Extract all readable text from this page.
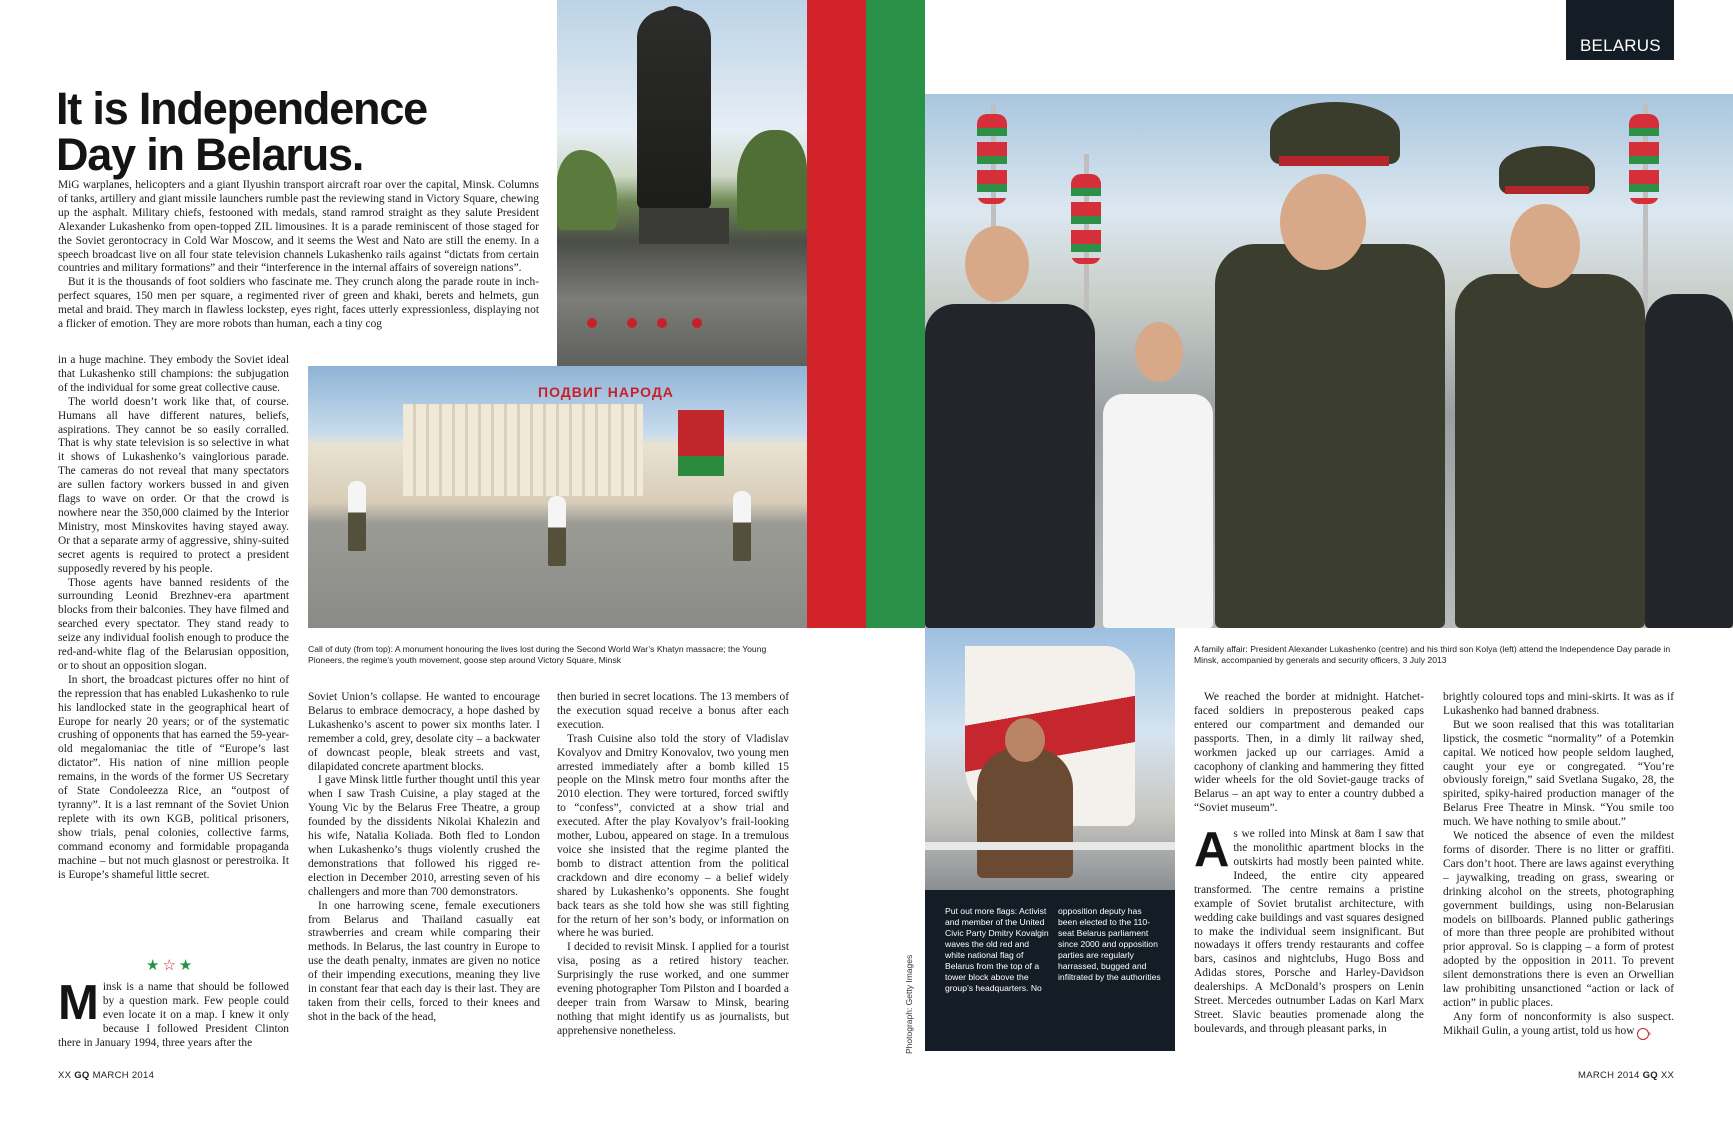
ПОДВИГ НАРОДА
Put out more flags: Activist and member of the United Civic Party Dmitry Kovalgin waves the old red and white national flag of Belarus from the top of a tower block above the group’s headquarters. No
opposition deputy has been elected to the 110-seat Belarus parliament since 2000 and opposition parties are regularly harrassed, bugged and infiltrated by the authorities
Photograph: Getty Images
BELARUS
It is Independence
Day in Belarus.

MiG warplanes, helicopters and a giant Ilyushin transport aircraft roar over the capital, Minsk. Columns of tanks, artillery and giant missile launchers rumble past the reviewing stand in Victory Square, chewing up the asphalt. Military chiefs, festooned with medals, stand ramrod straight as they salute President Alexander Lukashenko from open-topped ZIL limousines. It is a parade reminiscent of those staged for the Soviet gerontocracy in Cold War Moscow, and it seems the West and Nato are still the enemy. In a speech broadcast live on all four state television channels Lukashenko rails against “dictats from certain countries and military formations” and their “interference in the internal affairs of sovereign nations”.

But it is the thousands of foot soldiers who fascinate me. They crunch along the parade route in inch-perfect squares, 150 men per square, a regimented river of green and khaki, berets and helmets, gun metal and braid. They march in flawless lockstep, eyes right, faces utterly expressionless, displaying not a flicker of emotion. They are more robots than human, each a tiny cog

in a huge machine. They embody the Soviet ideal that Lukashenko still champions: the subjugation of the individual for some great collective cause.

The world doesn’t work like that, of course. Humans all have different natures, beliefs, aspirations. They cannot be so easily corralled. That is why state television is so selective in what it shows of Lukashenko’s vainglorious parade. The cameras do not reveal that many spectators are sullen factory workers bussed in and given flags to wave on order. Or that the crowd is nowhere near the 350,000 claimed by the Interior Ministry, most Minskovites having stayed away. Or that a separate army of aggressive, shiny-suited secret agents is required to protect a president supposedly revered by his people.

Those agents have banned residents of the surrounding Leonid Brezhnev-era apartment blocks from their balconies. They have filmed and searched every spectator. They stand ready to seize any individual foolish enough to produce the red-and-white flag of the Belarusian opposition, or to shout an opposition slogan.

In short, the broadcast pictures offer no hint of the repression that has enabled Lukashenko to rule his landlocked state in the geographical heart of Europe for nearly 20 years; or of the systematic crushing of opponents that has earned the 59-year-old megalomaniac the title of “Europe’s last dictator”. His nation of nine million people remains, in the words of the former US Secretary of State Condoleezza Rice, an “outpost of tyranny”. It is a last remnant of the Soviet Union replete with its own KGB, political prisoners, show trials, penal colonies, collective farms, command economy and formidable propaganda machine – but not much glasnost or perestroika. It is Europe’s shameful little secret.

★☆★

Minsk is a name that should be followed by a question mark. Few people could even locate it on a map. I knew it only because I followed President Clinton there in January 1994, three years after the

Call of duty (from top): A monument honouring the lives lost during the Second World War’s Khatyn massacre; the Young Pioneers, the regime’s youth movement, goose step around Victory Square, Minsk

Soviet Union’s collapse. He wanted to encourage Belarus to embrace democracy, a hope dashed by Lukashenko’s ascent to power six months later. I remember a cold, grey, desolate city – a backwater of downcast people, bleak streets and vast, dilapidated concrete apartment blocks.

I gave Minsk little further thought until this year when I saw Trash Cuisine, a play staged at the Young Vic by the Belarus Free Theatre, a group founded by the dissidents Nikolai Khalezin and his wife, Natalia Koliada. Both fled to London when Lukashenko’s thugs violently crushed the demonstrations that followed his rigged re-election in December 2010, arresting seven of his challengers and more than 700 demonstrators.

In one harrowing scene, female executioners from Belarus and Thailand casually eat strawberries and cream while comparing their methods. In Belarus, the last country in Europe to use the death penalty, inmates are given no notice of their impending executions, meaning they live in constant fear that each day is their last. They are taken from their cells, forced to their knees and shot in the back of the head,

then buried in secret locations. The 13 members of the execution squad receive a bonus after each execution.

Trash Cuisine also told the story of Vladislav Kovalyov and Dmitry Konovalov, two young men arrested immediately after a bomb killed 15 people on the Minsk metro four months after the 2010 election. They were tortured, forced swiftly to “confess”, convicted at a show trial and executed. After the play Kovalyov’s frail-looking mother, Lubou, appeared on stage. In a tremulous voice she insisted that the regime planted the bomb to distract attention from the political crackdown and dire economy – a belief widely shared by Lukashenko’s opponents. She fought back tears as she told how she was still fighting for the return of her son’s body, or information on where he was buried.

I decided to revisit Minsk. I applied for a tourist visa, posing as a retired history teacher. Surprisingly the ruse worked, and one summer evening photographer Tom Pilston and I boarded a deeper train from Warsaw to Minsk, bearing nothing that might identify us as journalists, but apprehensive nonetheless.

A family affair: President Alexander Lukashenko (centre) and his third son Kolya (left) attend the Independence Day parade in Minsk, accompanied by generals and security officers, 3 July 2013

We reached the border at midnight. Hatchet-faced soldiers in preposterous peaked caps entered our compartment and demanded our passports. Then, in a dimly lit railway shed, workmen jacked up our carriages. Amid a cacophony of clanking and hammering they fitted wider wheels for the old Soviet-gauge tracks of Belarus – an apt way to enter a country dubbed a “Soviet museum”.

As we rolled into Minsk at 8am I saw that the monolithic apartment blocks in the outskirts had mostly been painted white. Indeed, the entire city appeared transformed. The centre remains a pristine example of Soviet brutalist architecture, with wedding cake buildings and vast squares designed to make the individual seem insignificant. But nowadays it offers trendy restaurants and coffee bars, casinos and nightclubs, Hugo Boss and Adidas stores, Porsche and Harley-Davidson dealerships. A McDonald’s prospers on Lenin Street. Mercedes outnumber Ladas on Karl Marx Street. Slavic beauties promenade along the boulevards, and through pleasant parks, in

brightly coloured tops and mini-skirts. It was as if Lukashenko had banned drabness.

But we soon realised that this was totalitarian lipstick, the cosmetic “normality” of a Potemkin capital. We noticed how people seldom laughed, caught your eye or congregated. “You’re obviously foreign,” said Svetlana Sugako, 28, the spirited, spiky-haired production manager of the Belarus Free Theatre in Minsk. “You smile too much. We have nothing to smile about.”

We noticed the absence of even the mildest forms of disorder. There is no litter or graffiti. Cars don’t hoot. There are laws against everything – jaywalking, treading on grass, swearing or drinking alcohol on the streets, photographing government buildings, using non-Belarusian models on billboards. Planned public gatherings of more than three people are prohibited without prior approval. So is clapping – a form of protest adopted by the opposition in 2011. To prevent silent demonstrations there is even an Orwellian law prohibiting unsanctioned “action or lack of action” in public places.

Any form of nonconformity is also suspect. Mikhail Gulin, a young artist, told us how ›

XX GQ MARCH 2014	MARCH 2014 GQ XX
